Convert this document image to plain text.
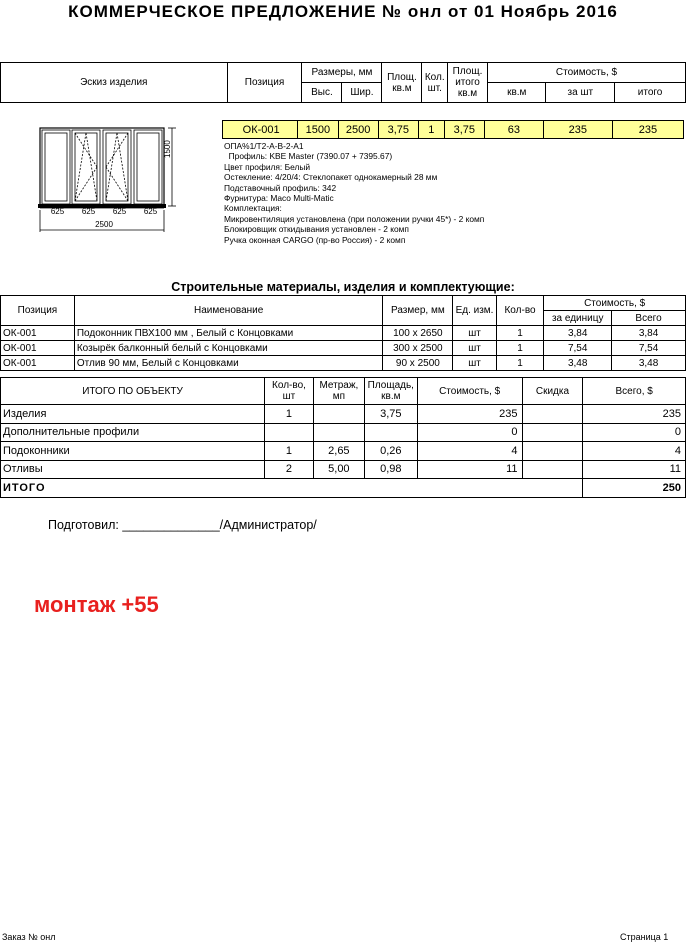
КОММЕРЧЕСКОЕ ПРЕДЛОЖЕНИЕ № онл от 01 Ноябрь 2016
Эскиз изделия	Позиция	Размеры, мм		Площ. кв.м	Кол. шт.	Площ. итого кв.м	Стоимость, $		
		Выс.	Шир.				кв.м	за шт	итого
ОК-001	1500	2500	3,75	1	3,75	63	235	235
1500
625	625	625	625
2500
ОПА%1/Т2-А-В-2-А1
Профиль: KBE Master (7390.07 + 7395.67)
Цвет профиля: Белый
Остекление: 4/20/4: Стеклопакет однокамерный 28 мм
Подставочный профиль: 342
Фурнитура: Maco Multi-Matic
Комплектация:
Микровентиляция установлена (при положении ручки 45*) - 2 комп
Блокировщик откидывания установлен - 2 комп
Ручка оконная CARGO (пр-во Россия) - 2 комп
Строительные материалы, изделия и комплектующие:
Позиция	Наименование	Размер, мм	Ед. изм.	Кол-во	Стоимость, $	
					за единицу	Всего
ОК-001	Подоконник ПВХ100 мм , Белый с Концовками	100 x 2650	шт	1	3,84	3,84
ОК-001	Козырёк балконный белый с Концовками	300 x 2500	шт	1	7,54	7,54
ОК-001	Отлив 90 мм, Белый с Концовками	90 x 2500	шт	1	3,48	3,48
ИТОГО ПО ОБЪЕКТУ	Кол-во, шт	Метраж, мп	Площадь, кв.м	Стоимость, $	Скидка	Всего, $
Изделия	1		3,75	235		235
Дополнительные профили				0		0
Подоконники	1	2,65	0,26	4		4
Отливы	2	5,00	0,98	11		11
ИТОГО						250
Подготовил: ______________/Администратор/
монтаж +55
Заказ № онл	Страница 1
